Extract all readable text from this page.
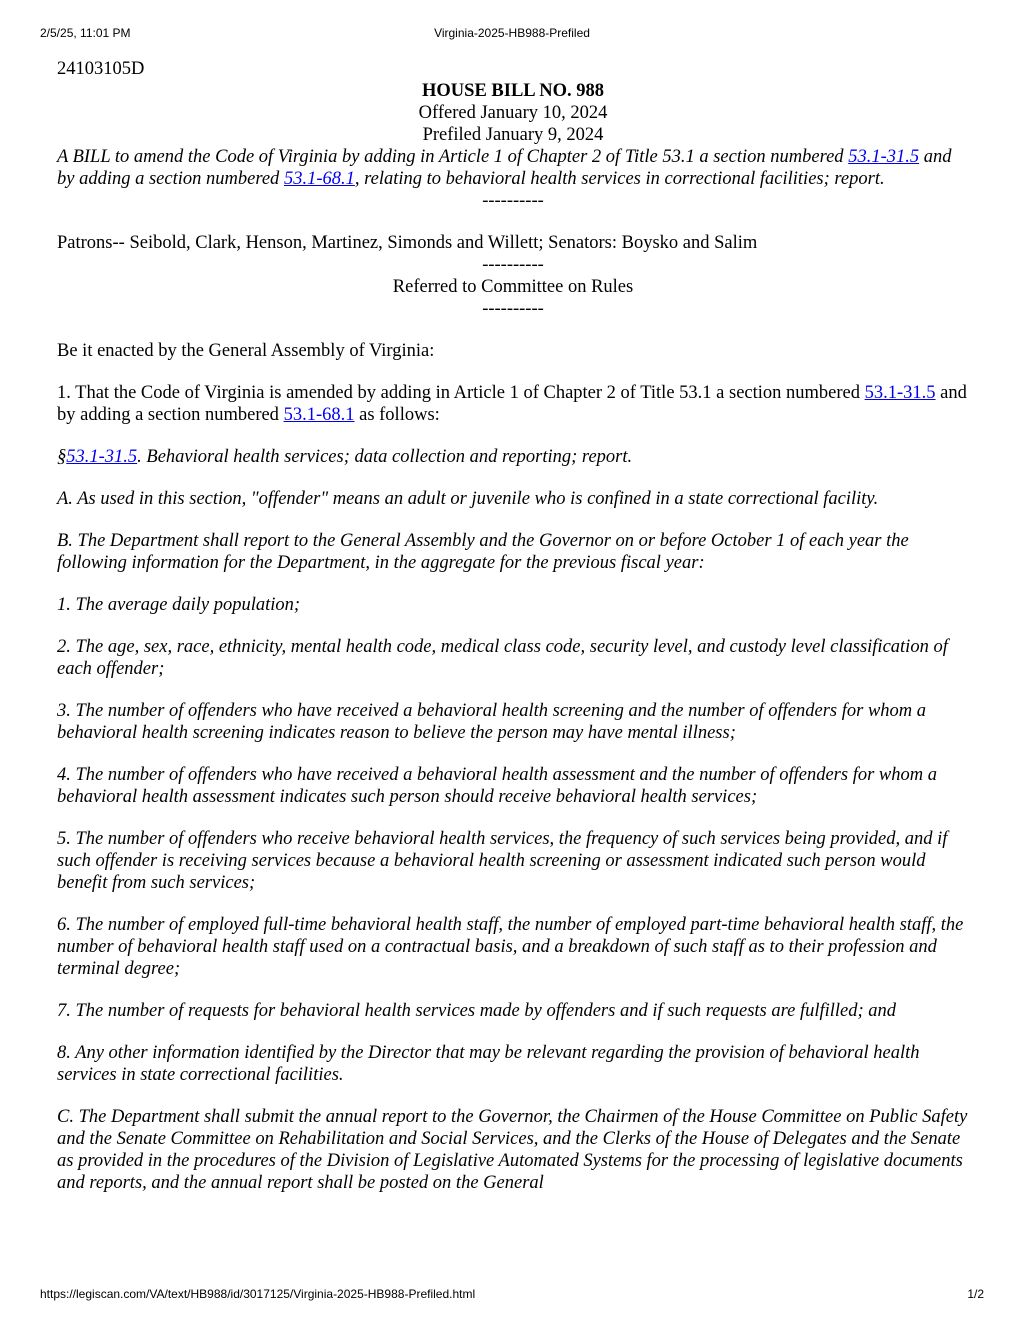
2/5/25, 11:01 PM	Virginia-2025-HB988-Prefiled

24103105D

HOUSE BILL NO. 988

Offered January 10, 2024

Prefiled January 9, 2024

A BILL to amend the Code of Virginia by adding in Article 1 of Chapter 2 of Title 53.1 a section numbered 53.1-31.5 and by adding a section numbered 53.1-68.1, relating to behavioral health services in correctional facilities; report.

----------

Patrons-- Seibold, Clark, Henson, Martinez, Simonds and Willett; Senators: Boysko and Salim

----------

Referred to Committee on Rules

----------

Be it enacted by the General Assembly of Virginia:

1. That the Code of Virginia is amended by adding in Article 1 of Chapter 2 of Title 53.1 a section numbered 53.1-31.5 and by adding a section numbered 53.1-68.1 as follows:

§53.1-31.5. Behavioral health services; data collection and reporting; report.

A. As used in this section, "offender" means an adult or juvenile who is confined in a state correctional facility.

B. The Department shall report to the General Assembly and the Governor on or before October 1 of each year the following information for the Department, in the aggregate for the previous fiscal year:

1. The average daily population;

2. The age, sex, race, ethnicity, mental health code, medical class code, security level, and custody level classification of each offender;

3. The number of offenders who have received a behavioral health screening and the number of offenders for whom a behavioral health screening indicates reason to believe the person may have mental illness;

4. The number of offenders who have received a behavioral health assessment and the number of offenders for whom a behavioral health assessment indicates such person should receive behavioral health services;

5. The number of offenders who receive behavioral health services, the frequency of such services being provided, and if such offender is receiving services because a behavioral health screening or assessment indicated such person would benefit from such services;

6. The number of employed full-time behavioral health staff, the number of employed part-time behavioral health staff, the number of behavioral health staff used on a contractual basis, and a breakdown of such staff as to their profession and terminal degree;

7. The number of requests for behavioral health services made by offenders and if such requests are fulfilled; and

8. Any other information identified by the Director that may be relevant regarding the provision of behavioral health services in state correctional facilities.

C. The Department shall submit the annual report to the Governor, the Chairmen of the House Committee on Public Safety and the Senate Committee on Rehabilitation and Social Services, and the Clerks of the House of Delegates and the Senate as provided in the procedures of the Division of Legislative Automated Systems for the processing of legislative documents and reports, and the annual report shall be posted on the General

https://legiscan.com/VA/text/HB988/id/3017125/Virginia-2025-HB988-Prefiled.html	1/2
